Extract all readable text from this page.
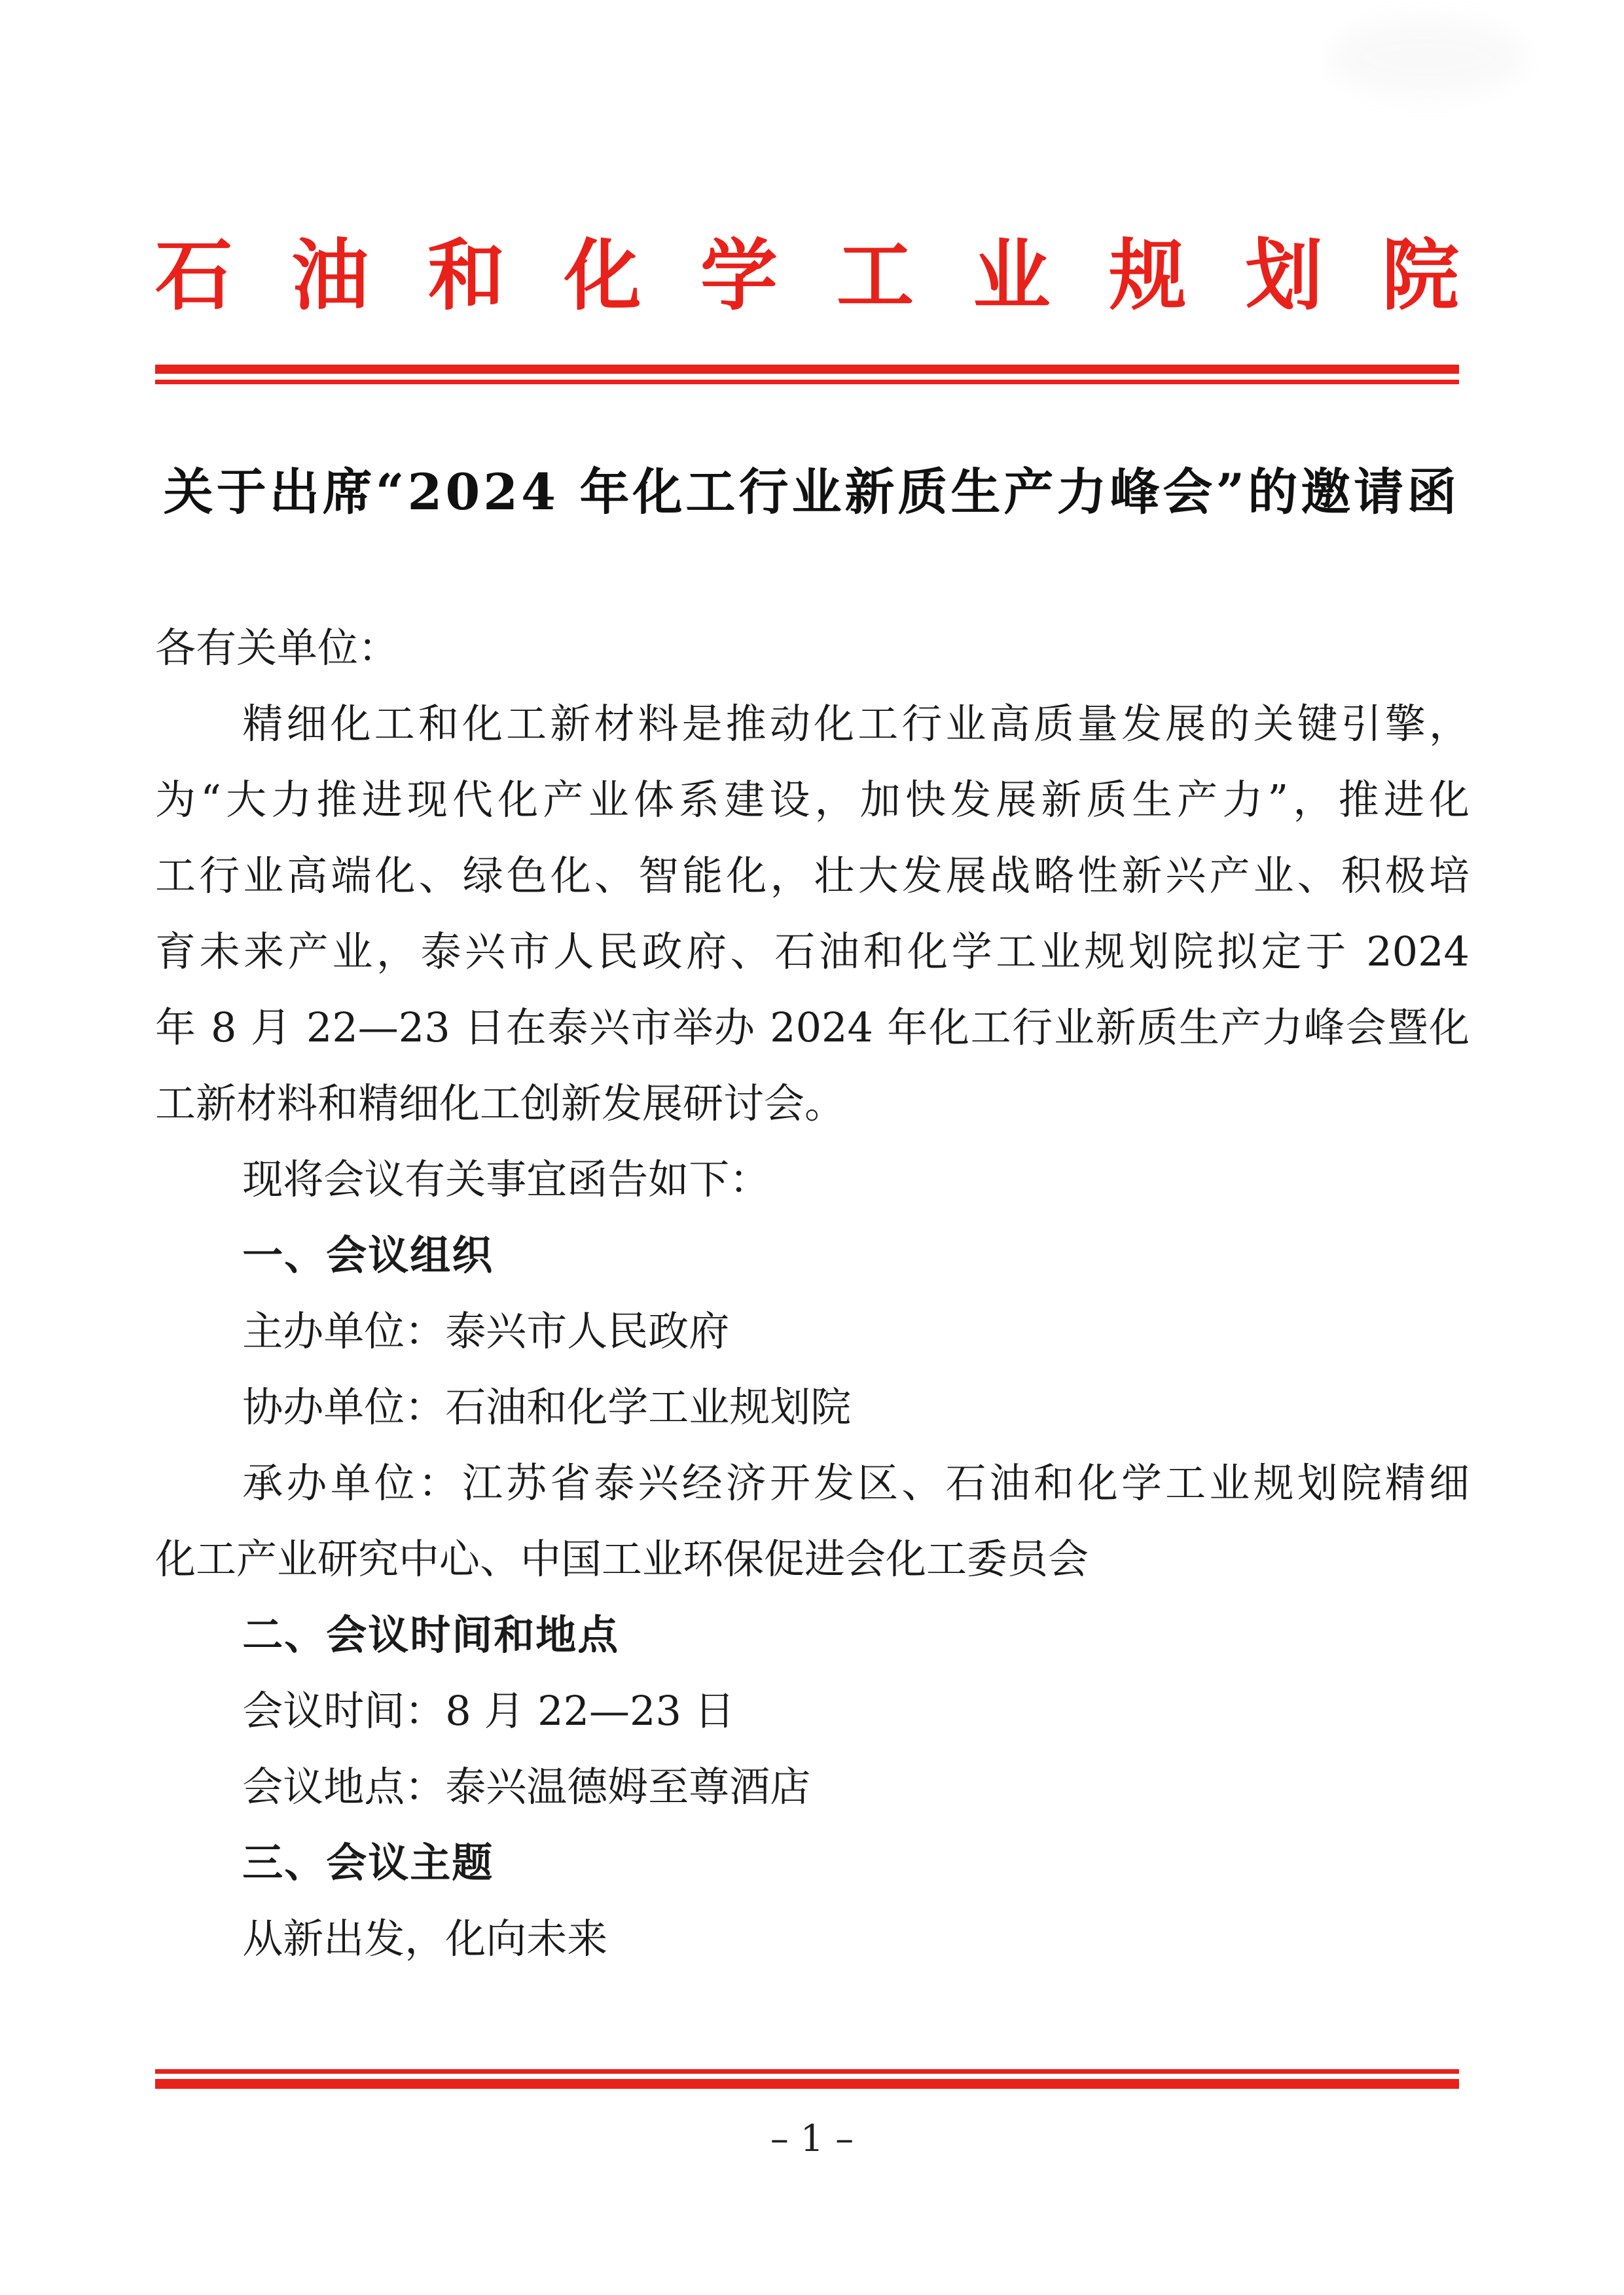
石 油 和 化 学 工 业 规 划 院
关于出席“2024 年化工行业新质生产力峰会”的邀请函
各有关单位：
精细化工和化工新材料是推动化工行业高质量发展的关键引擎，
为“大力推进现代化产业体系建设，加快发展新质生产力”，推进化
工行业高端化、绿色化、智能化，壮大发展战略性新兴产业、积极培
育未来产业，泰兴市人民政府、石油和化学工业规划院拟定于 2024
年 8 月 22—23 日在泰兴市举办 2024 年化工行业新质生产力峰会暨化
工新材料和精细化工创新发展研讨会。
现将会议有关事宜函告如下：
一、会议组织
主办单位：泰兴市人民政府
协办单位：石油和化学工业规划院
承办单位：江苏省泰兴经济开发区、石油和化学工业规划院精细
化工产业研究中心、中国工业环保促进会化工委员会
二、会议时间和地点
会议时间：8 月 22—23 日
会议地点：泰兴温德姆至尊酒店
三、会议主题
从新出发，化向未来
– 1 –
